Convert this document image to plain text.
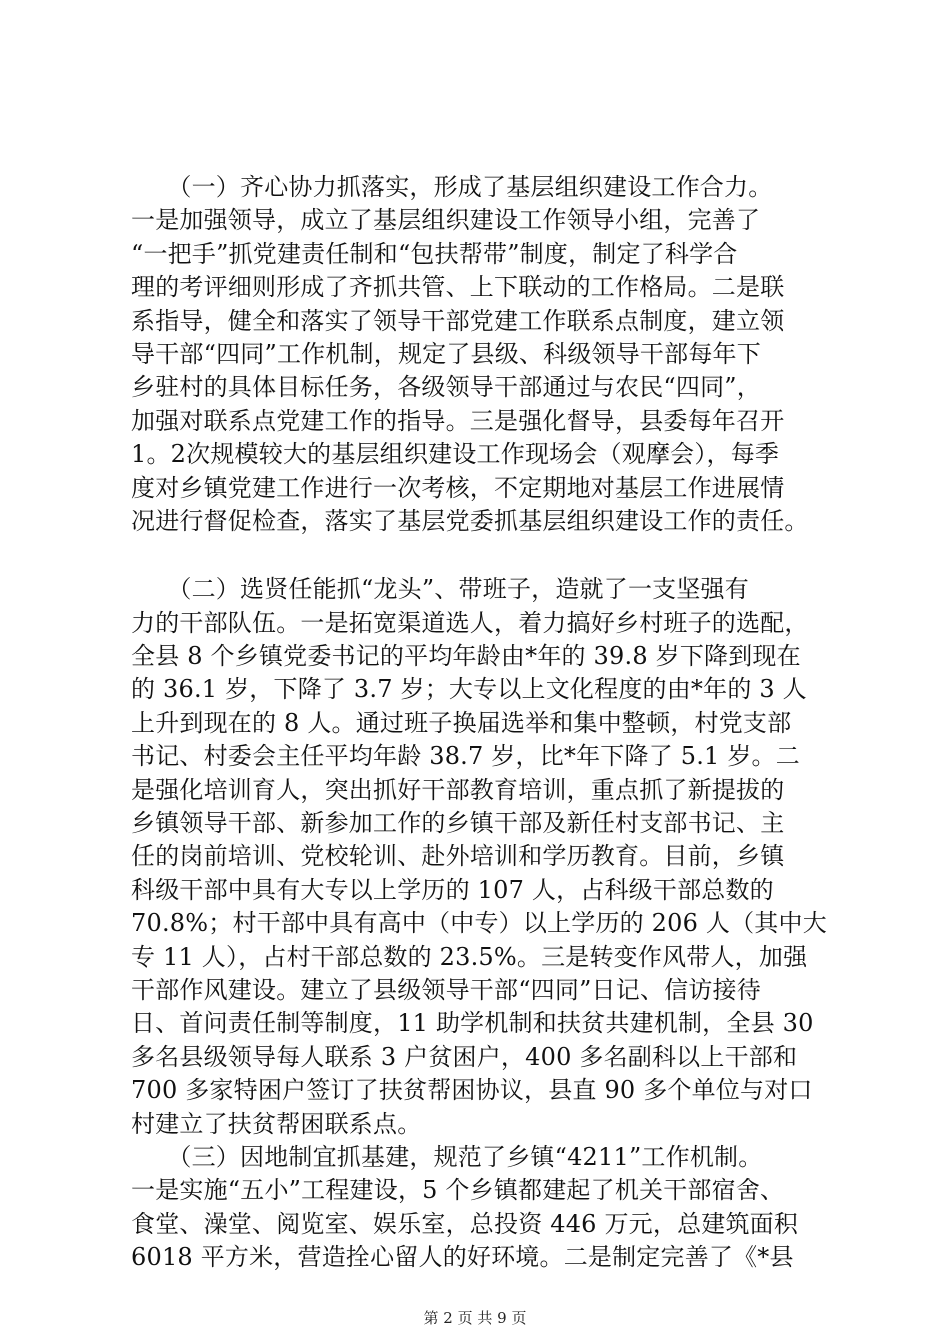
　　（一）齐心协力抓落实，形成了基层组织建设工作合力。
一是加强领导，成立了基层组织建设工作领导小组，完善了
“一把手”抓党建责任制和“包扶帮带”制度，制定了科学合
理的考评细则形成了齐抓共管、上下联动的工作格局。二是联
系指导，健全和落实了领导干部党建工作联系点制度，建立领
导干部“四同”工作机制，规定了县级、科级领导干部每年下
乡驻村的具体目标任务，各级领导干部通过与农民“四同”，
加强对联系点党建工作的指导。三是强化督导，县委每年召开
1。2次规模较大的基层组织建设工作现场会（观摩会），每季
度对乡镇党建工作进行一次考核，不定期地对基层工作进展情
况进行督促检查，落实了基层党委抓基层组织建设工作的责任。
　　（二）选贤任能抓“龙头”、带班子，造就了一支坚强有
力的干部队伍。一是拓宽渠道选人，着力搞好乡村班子的选配，
全县 8 个乡镇党委书记的平均年龄由*年的 39.8 岁下降到现在
的 36.1 岁，下降了 3.7 岁；大专以上文化程度的由*年的 3 人
上升到现在的 8 人。通过班子换届选举和集中整顿，村党支部
书记、村委会主任平均年龄 38.7 岁，比*年下降了 5.1 岁。二
是强化培训育人，突出抓好干部教育培训，重点抓了新提拔的
乡镇领导干部、新参加工作的乡镇干部及新任村支部书记、主
任的岗前培训、党校轮训、赴外培训和学历教育。目前，乡镇
科级干部中具有大专以上学历的 107 人，占科级干部总数的
70.8%；村干部中具有高中（中专）以上学历的 206 人（其中大
专 11 人），占村干部总数的 23.5%。三是转变作风带人，加强
干部作风建设。建立了县级领导干部“四同”日记、信访接待
日、首问责任制等制度，11 助学机制和扶贫共建机制，全县 30
多名县级领导每人联系 3 户贫困户，400 多名副科以上干部和
700 多家特困户签订了扶贫帮困协议，县直 90 多个单位与对口
村建立了扶贫帮困联系点。
　　（三）因地制宜抓基建，规范了乡镇“4211”工作机制。
一是实施“五小”工程建设，5 个乡镇都建起了机关干部宿舍、
食堂、澡堂、阅览室、娱乐室，总投资 446 万元，总建筑面积
6018 平方米，营造拴心留人的好环境。二是制定完善了《*县
第 2 页 共 9 页
